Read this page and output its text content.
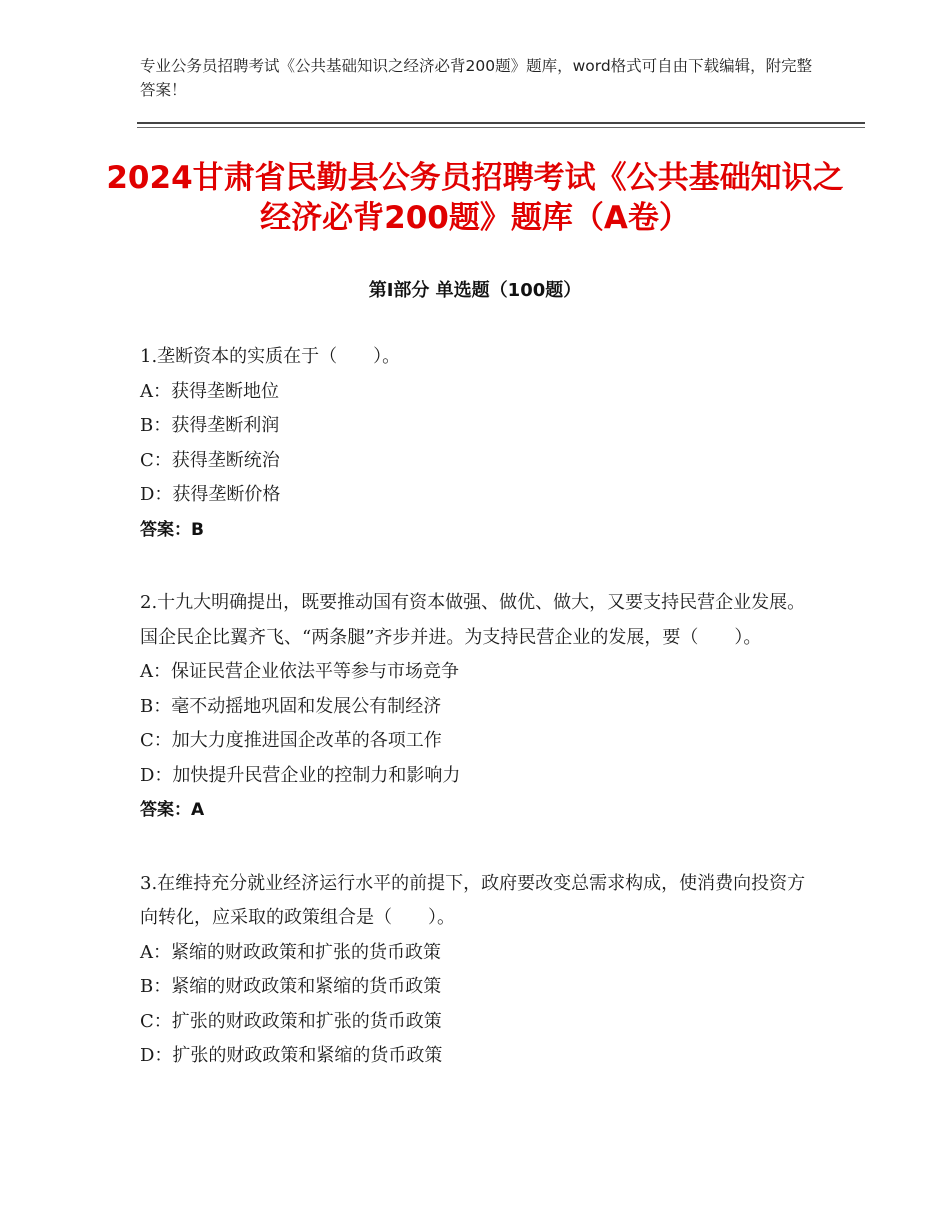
专业公务员招聘考试《公共基础知识之经济必背200题》题库，word格式可自由下载编辑，附完整答案！
2024甘肃省民勤县公务员招聘考试《公共基础知识之经济必背200题》题库（A卷）
第Ⅰ部分 单选题（100题）
1.垄断资本的实质在于（　　）。
A：获得垄断地位
B：获得垄断利润
C：获得垄断统治
D：获得垄断价格
答案：B
2.十九大明确提出，既要推动国有资本做强、做优、做大，又要支持民营企业发展。国企民企比翼齐飞、“两条腿”齐步并进。为支持民营企业的发展，要（　　）。
A：保证民营企业依法平等参与市场竞争
B：毫不动摇地巩固和发展公有制经济
C：加大力度推进国企改革的各项工作
D：加快提升民营企业的控制力和影响力
答案：A
3.在维持充分就业经济运行水平的前提下，政府要改变总需求构成，使消费向投资方向转化，应采取的政策组合是（　　）。
A：紧缩的财政政策和扩张的货币政策
B：紧缩的财政政策和紧缩的货币政策
C：扩张的财政政策和扩张的货币政策
D：扩张的财政政策和紧缩的货币政策
